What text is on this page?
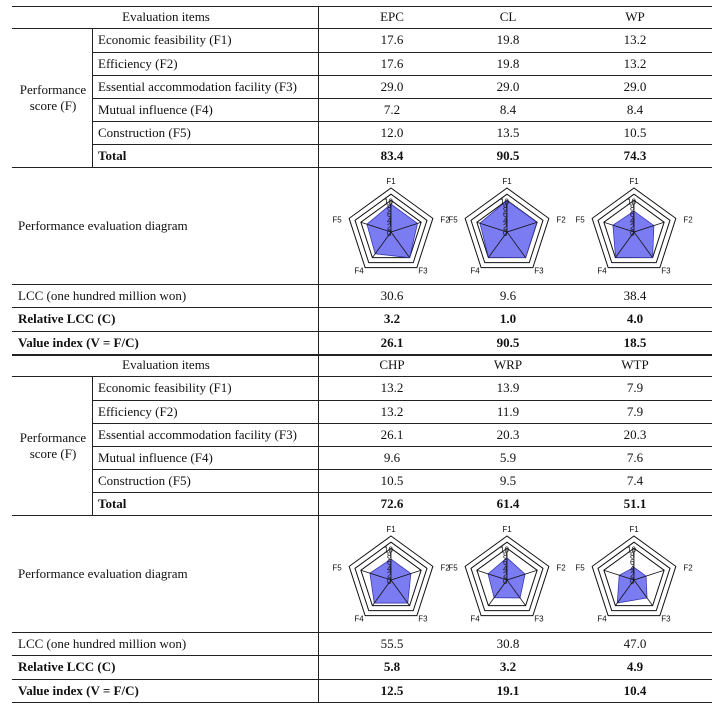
Evaluation items	EPC	CL	WP
Performance score (F)
Economic feasibility (F1)	17.6	19.8	13.2
Efficiency (F2)	17.6	19.8	13.2
Essential accommodation facility (F3)	29.0	29.0	29.0
Mutual influence (F4)	7.2	8.4	8.4
Construction (F5)	12.0	13.5	10.5
Total	83.4	90.5	74.3
Performance evaluation diagram
10
8
6
4
2
0
F1
F2
F3
F4
F5
10
8
6
4
2
0
F1
F2
F3
F4
F5
10
8
6
4
2
0
F1
F2
F3
F4
F5
LCC (one hundred million won)	30.6	9.6	38.4
Relative LCC (C)	3.2	1.0	4.0
Value index (V = F/C)	26.1	90.5	18.5
Evaluation items	CHP	WRP	WTP
Performance score (F)
Economic feasibility (F1)	13.2	13.9	7.9
Efficiency (F2)	13.2	11.9	7.9
Essential accommodation facility (F3)	26.1	20.3	20.3
Mutual influence (F4)	9.6	5.9	7.6
Construction (F5)	10.5	9.5	7.4
Total	72.6	61.4	51.1
Performance evaluation diagram
10
8
6
4
2
0
F1
F2
F3
F4
F5
10
8
6
4
2
0
F1
F2
F3
F4
F5
10
8
6
4
2
0
F1
F2
F3
F4
F5
LCC (one hundred million won)	55.5	30.8	47.0
Relative LCC (C)	5.8	3.2	4.9
Value index (V = F/C)	12.5	19.1	10.4
